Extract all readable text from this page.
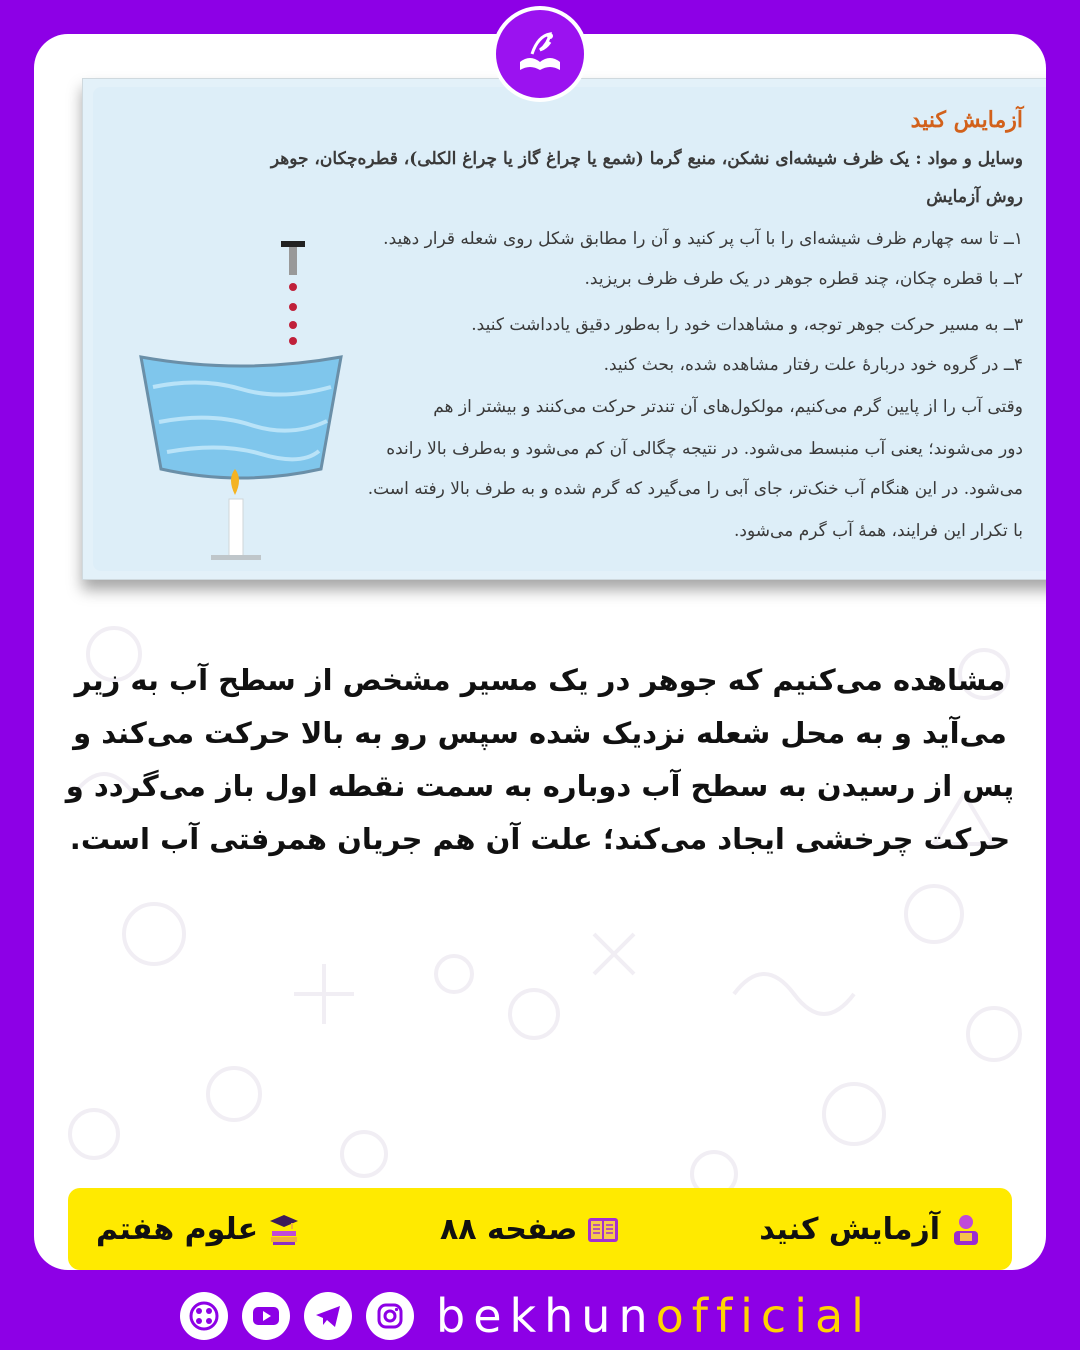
آزمایش کنید
وسایل و مواد : یک ظرف شیشه‌ای نشکن، منبع گرما (شمع یا چراغ گاز یا چراغ الکلی)، قطره‌چکان، جوهر
روش آزمایش
۱ــ تا سه چهارم ظرف شیشه‌ای را با آب پر کنید و آن را مطابق شکل روی شعله قرار دهید.
۲ــ با قطره چکان، چند قطره جوهر در یک طرف ظرف بریزید.
۳ــ به مسیر حرکت جوهر توجه، و مشاهدات خود را به‌طور دقیق یادداشت کنید.
۴ــ در گروه خود دربارهٔ علت رفتار مشاهده شده، بحث کنید.
وقتی آب را از پایین گرم می‌کنیم، مولکول‌های آن تندتر حرکت می‌کنند و بیشتر از هم
دور می‌شوند؛ یعنی آب منبسط می‌شود. در نتیجه چگالی آن کم می‌شود و به‌طرف بالا رانده
می‌شود. در این هنگام آب خنک‌تر، جای آبی را می‌گیرد که گرم شده و به طرف بالا رفته است.
با تکرار این فرایند، همهٔ آب گرم می‌شود.
مشاهده می‌کنیم که جوهر در یک مسیر مشخص از سطح آب به زیر می‌آید و به محل شعله نزدیک شده سپس رو به بالا حرکت می‌کند و پس از رسیدن به سطح آب دوباره به سمت نقطه اول باز می‌گردد و حرکت چرخشی ایجاد می‌کند؛ علت آن هم جریان همرفتی آب است.
آزمایش کنید
صفحه ۸۸
علوم هفتم
bekhunofficial
